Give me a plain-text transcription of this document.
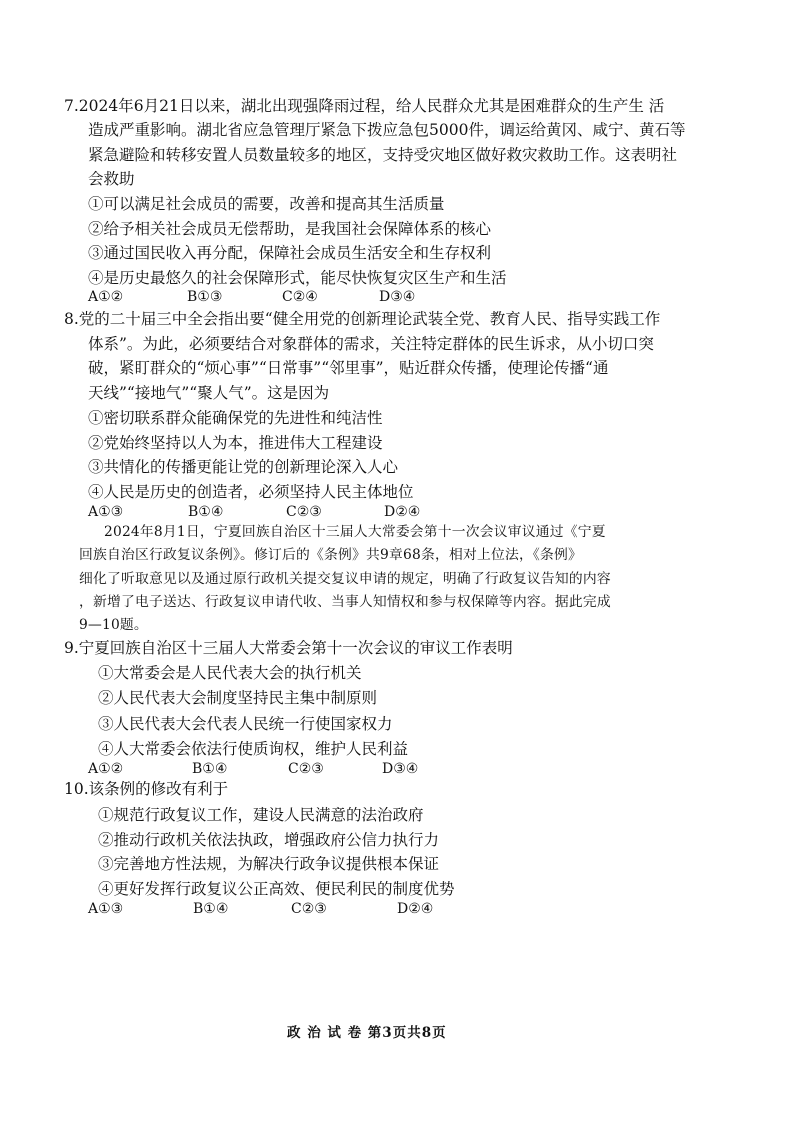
7.2024年6月21日以来，湖北出现强降雨过程，给人民群众尤其是困难群众的生产生 活
造成严重影响。湖北省应急管理厅紧急下拨应急包5000件，调运给黄冈、咸宁、黄石等
紧急避险和转移安置人员数量较多的地区，支持受灾地区做好救灾救助工作。这表明社
会救助
①可以满足社会成员的需要，改善和提高其生活质量
②给予相关社会成员无偿帮助，是我国社会保障体系的核心
③通过国民收入再分配，保障社会成员生活安全和生存权利
④是历史最悠久的社会保障形式，能尽快恢复灾区生产和生活
A①②	B①③	C②④	D③④
8.党的二十届三中全会指出要“健全用党的创新理论武装全党、教育人民、指导实践工作
体系”。为此，必须要结合对象群体的需求，关注特定群体的民生诉求，从小切口突
破，紧盯群众的“烦心事”“日常事”“邻里事”，贴近群众传播，使理论传播“通
天线”“接地气”“聚人气”。这是因为
①密切联系群众能确保党的先进性和纯洁性
②党始终坚持以人为本，推进伟大工程建设
③共情化的传播更能让党的创新理论深入人心
④人民是历史的创造者，必须坚持人民主体地位
A①③	B①④	C②③	D②④
2024年8月1日，宁夏回族自治区十三届人大常委会第十一次会议审议通过《宁夏
回族自治区行政复议条例》。修订后的《条例》共9章68条，相对上位法，《条例》
细化了听取意见以及通过原行政机关提交复议申请的规定，明确了行政复议告知的内容
，新增了电子送达、行政复议申请代收、当事人知情权和参与权保障等内容。据此完成
9—10题。
9.宁夏回族自治区十三届人大常委会第十一次会议的审议工作表明
①大常委会是人民代表大会的执行机关
②人民代表大会制度坚持民主集中制原则
③人民代表大会代表人民统一行使国家权力
④人大常委会依法行使质询权，维护人民利益
A①②	B①④	C②③	D③④
10.该条例的修改有利于
①规范行政复议工作，建设人民满意的法治政府
②推动行政机关依法执政，增强政府公信力执行力
③完善地方性法规，为解决行政争议提供根本保证
④更好发挥行政复议公正高效、便民利民的制度优势
A①③	B①④	C②③	D②④
政 治 试 卷 第3页共8页
